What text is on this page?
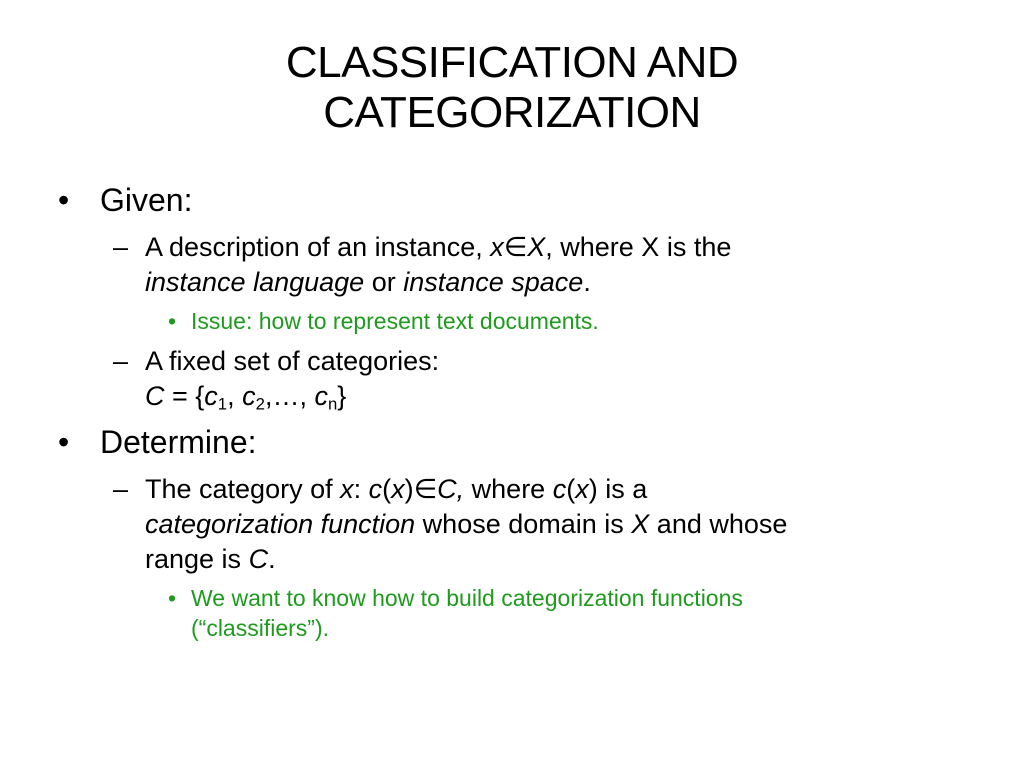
CLASSIFICATION AND
CATEGORIZATION
• Given:
– A description of an instance, x∈X, where X is the
instance language or instance space.
• Issue: how to represent text documents.
– A fixed set of categories:
$C = \{c_1$, $c_2,\dots$, $c_n$}
• Determine:
– The category of x: c(x)∈C, where c(x) is a
categorization function whose domain is X and whose
range is C.
• We want to know how to build categorization functions
(“classifiers”).
